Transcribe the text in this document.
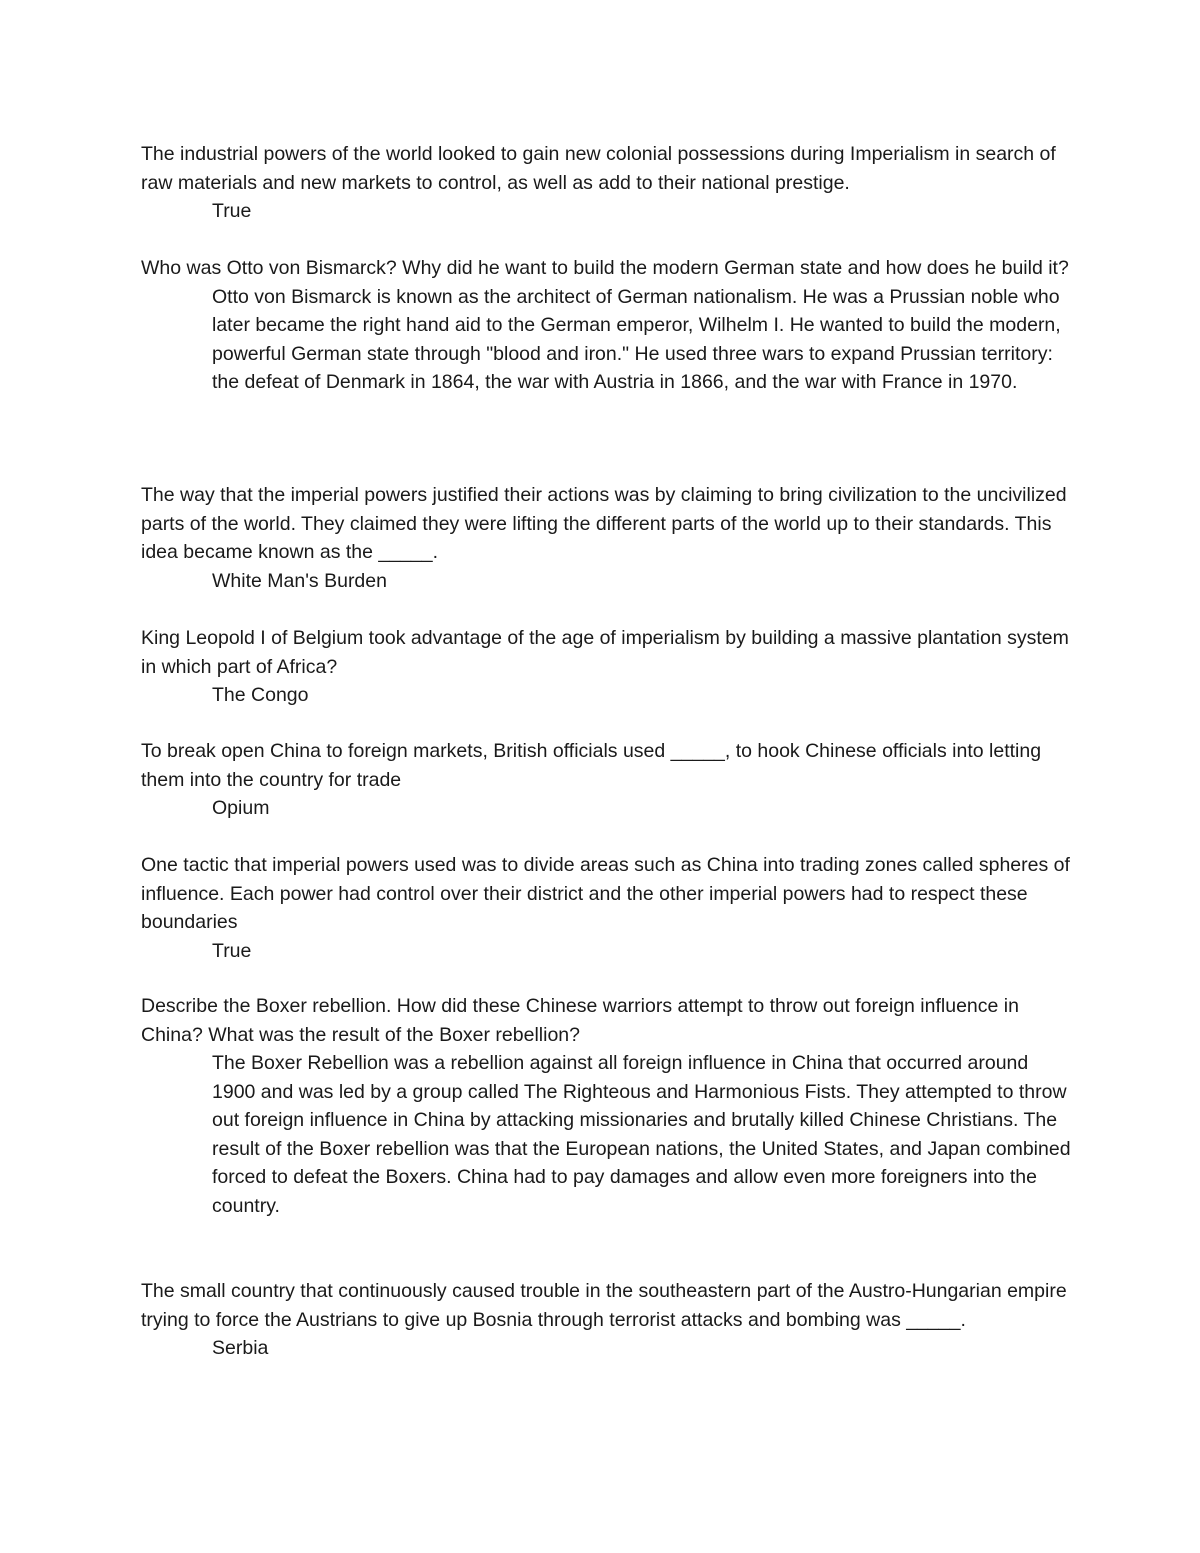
The industrial powers of the world looked to gain new colonial possessions during Imperialism in search of raw materials and new markets to control, as well as add to their national prestige.

True

Who was Otto von Bismarck? Why did he want to build the modern German state and how does he build it?

Otto von Bismarck is known as the architect of German nationalism. He was a Prussian noble who later became the right hand aid to the German emperor, Wilhelm I. He wanted to build the modern, powerful German state through "blood and iron." He used three wars to expand Prussian territory: the defeat of Denmark in 1864, the war with Austria in 1866, and the war with France in 1970.

The way that the imperial powers justified their actions was by claiming to bring civilization to the uncivilized parts of the world. They claimed they were lifting the different parts of the world up to their standards. This idea became known as the _____.

White Man's Burden

King Leopold I of Belgium took advantage of the age of imperialism by building a massive plantation system in which part of Africa?

The Congo

To break open China to foreign markets, British officials used _____, to hook Chinese officials into letting them into the country for trade

Opium

One tactic that imperial powers used was to divide areas such as China into trading zones called spheres of influence. Each power had control over their district and the other imperial powers had to respect these boundaries

True

Describe the Boxer rebellion. How did these Chinese warriors attempt to throw out foreign influence in China? What was the result of the Boxer rebellion?

The Boxer Rebellion was a rebellion against all foreign influence in China that occurred around 1900 and was led by a group called The Righteous and Harmonious Fists. They attempted to throw out foreign influence in China by attacking missionaries and brutally killed Chinese Christians. The result of the Boxer rebellion was that the European nations, the United States, and Japan combined forced to defeat the Boxers. China had to pay damages and allow even more foreigners into the country.

The small country that continuously caused trouble in the southeastern part of the Austro-Hungarian empire trying to force the Austrians to give up Bosnia through terrorist attacks and bombing was _____.

Serbia
